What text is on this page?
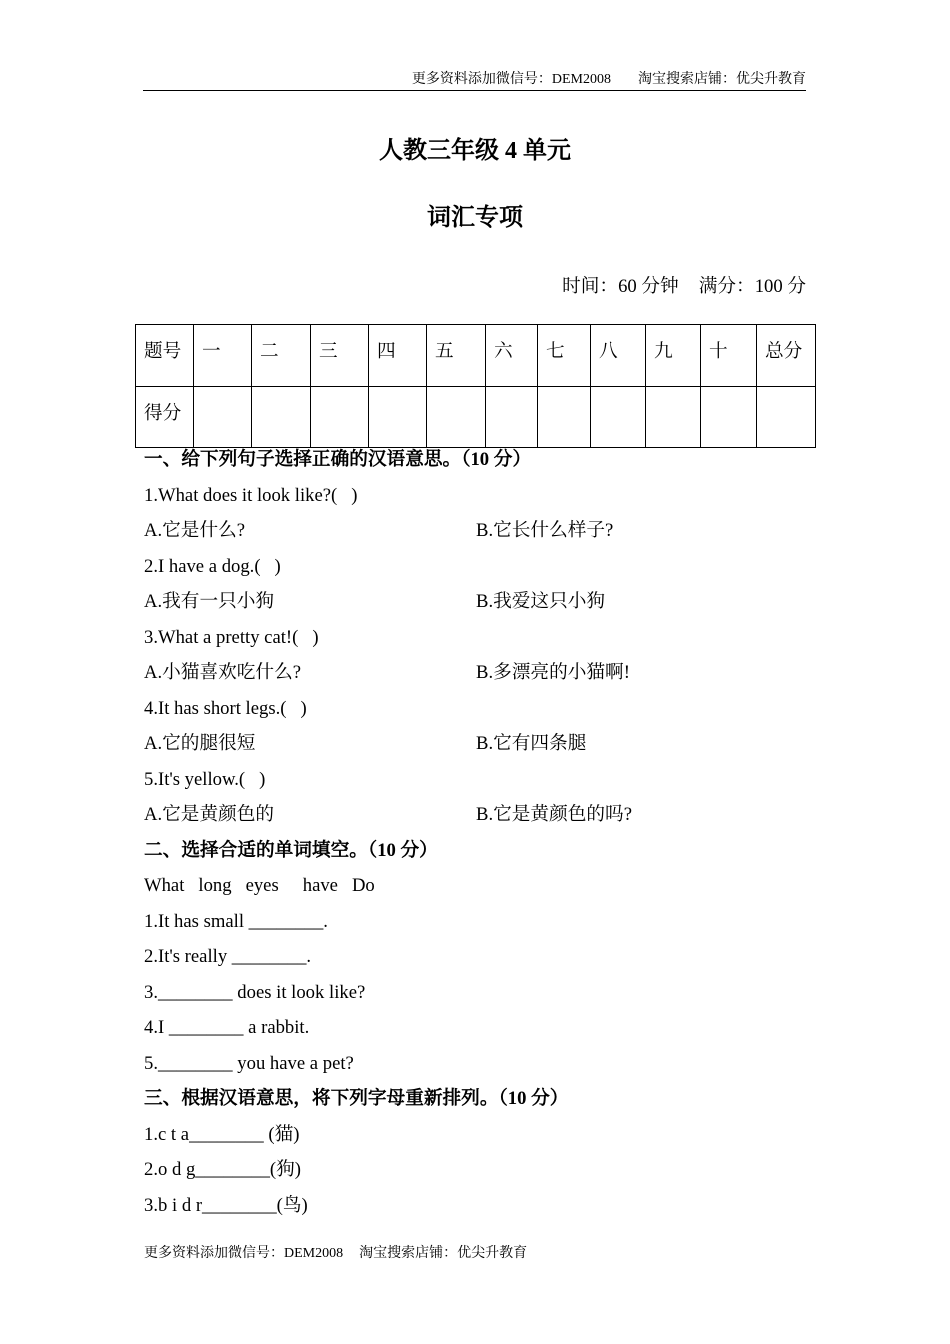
更多资料添加微信号：DEM2008 淘宝搜索店铺：优尖升教育
人教三年级 4 单元
词汇专项
时间：60 分钟 满分：100 分
题号	一	二	三	四	五	六	七	八	九	十	总分
得分
一、给下列句子选择正确的汉语意思。（10 分）
1.What does it look like?(   )
A.它是什么?	B.它长什么样子?
2.I have a dog.(   )
A.我有一只小狗	B.我爱这只小狗
3.What a pretty cat!(   )
A.小猫喜欢吃什么?	B.多漂亮的小猫啊!
4.It has short legs.(   )
A.它的腿很短	B.它有四条腿
5.It's yellow.(   )
A.它是黄颜色的	B.它是黄颜色的吗?
二、选择合适的单词填空。（10 分）
What long eyes have Do
1.It has small ________.
2.It's really ________.
3.________ does it look like?
4.I ________ a rabbit.
5.________ you have a pet?
三、根据汉语意思，将下列字母重新排列。（10 分）
1.c t a________ (猫)
2.o d g________(狗)
3.b i d r________(鸟)
更多资料添加微信号：DEM2008 淘宝搜索店铺：优尖升教育
